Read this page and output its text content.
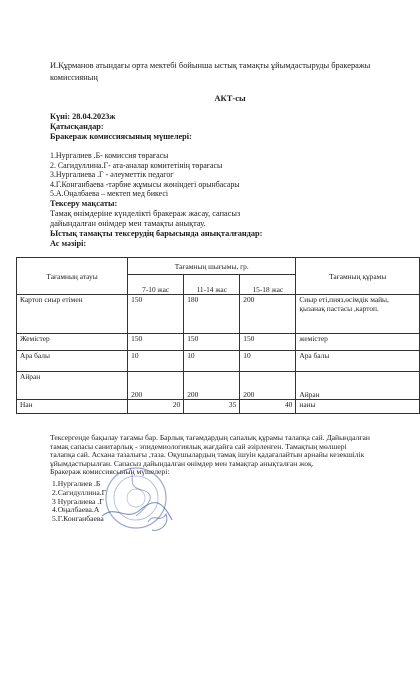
И.Құрманов атындағы орта мектебі бойынша ыстық тамақты ұйымдастыруды бракеражы комиссияның
АКТ-сы
Күні: 28.04.2023ж
Қатысқандар:
Бракераж комиссиясының мүшелері:
1.Нургалиев .Б- комиссия төрағасы
2. Сагидуллина.Г- ата-аналар комитетінің төрағасы
3.Нургалиева .Г - әлеуметтік педагог
4.Г.Конганбаева -тәрбие жұмысы жөніндегі орынбасары
5.А.Оңалбаева – мектеп мед бикесі
Тексеру мақсаты:
Тамақ өнімдеріне күнделікті бракераж жасау, сапасыз
дайындалған өнімдер мен тамақты анықтау.
Ыстық тамақты тексерудің барысында анықталғандар:
Ас мәзірі:
Тағамның атауы	Тағамның шығымы, гр.			Тағамның құрамы
	7-10 жас	11-14 жас	15-18 жас	
Картоп сиыр етімен	150	180	200	Сиыр еті,пияз,өсімдік майы, қызанақ пастасы ,картоп.
Жемістер	150	150	150	жемістер
Ара балы	10	10	10	Ара балы
Айран	200	200	200	Айран
Нан	20	35	40	наны
Тексергенде бақылау тағамы бар. Барлық тағамдардың сапалық құрамы талапқа сай. Дайындалған
тамақ сапасы санитарлық - эпидемиологиялық жағдайға сай әзірленген. Тамақтың мөлшері
талапқа сай. Асхана тазалығы ,таза. Оқушылардың тамақ ішуін қадағалайтын арнайы кезекшілік
ұйымдастырылған. Сапасыз дайындалған өнімдер мен тамақтар анықталған жоқ.
Бракераж комиссиясының мүшелері:
1.Нургалиев .Б
2.Сагидуллина.Г
3 Нургалиева .Г
4.Оңалбаева.А
5.Г.Конганбаева
